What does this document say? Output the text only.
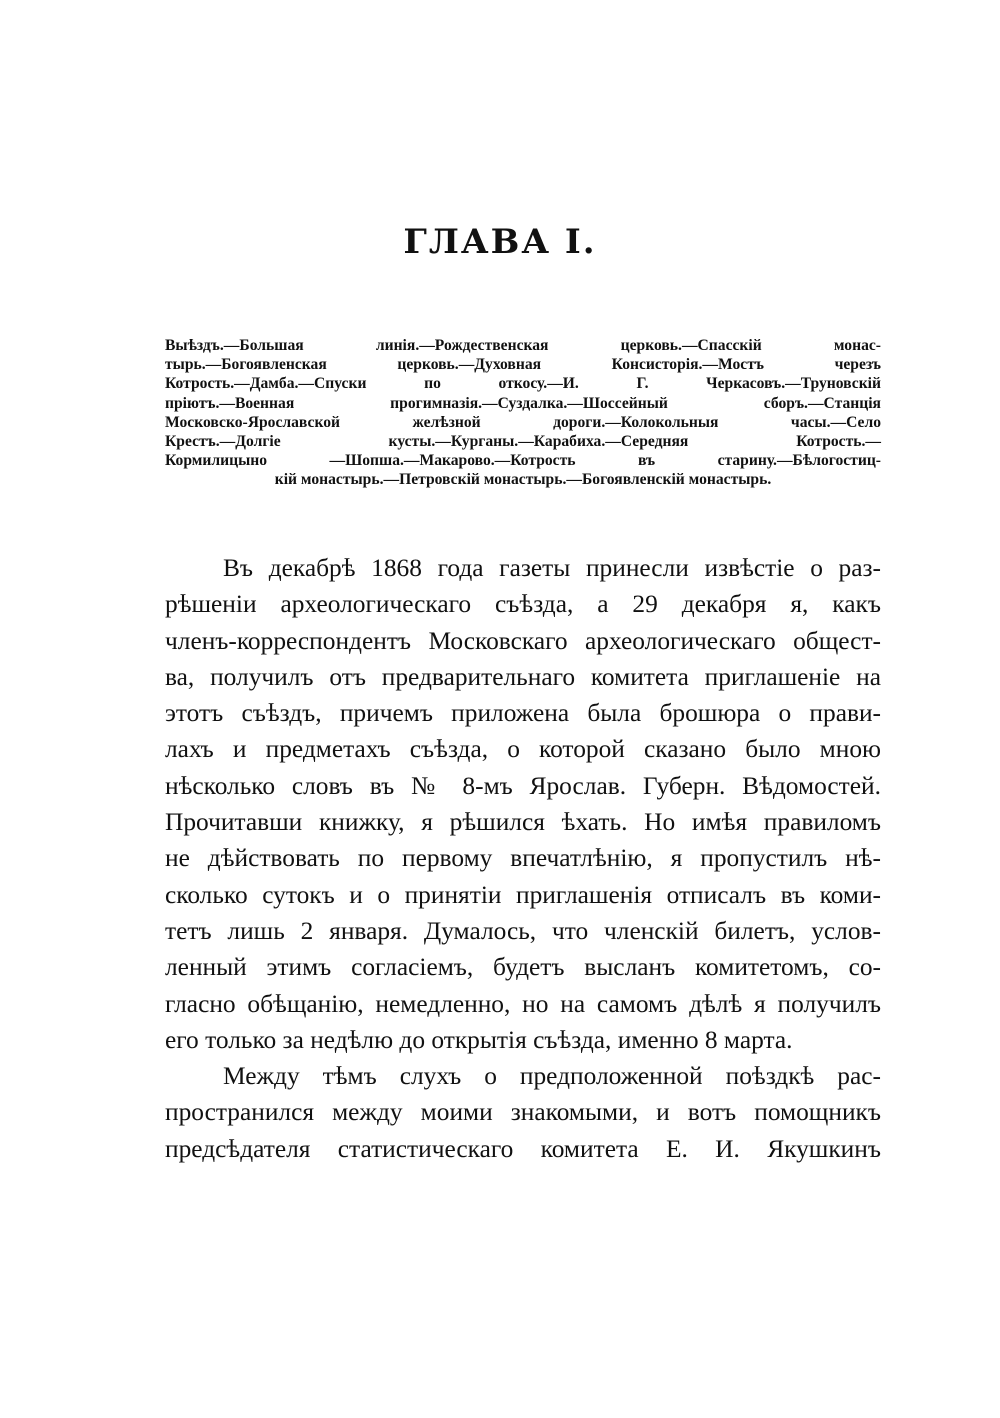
ГЛАВА I.
Выѣздъ.—Большая линія.—Рождественская церковь.—Спасскій монас-
тырь.—Богоявленская церковь.—Духовная Консисторія.—Мостъ черезъ
Котрость.—Дамба.—Спуски по откосу.—И. Г. Черкасовъ.—Труновскій
пріютъ.—Военная прогимназія.—Суздалка.—Шоссейный сборъ.—Станція
Московско-Ярославской желѣзной дороги.—Колокольныя часы.—Село
Крестъ.—Долгіе кусты.—Курганы.—Карабиха.—Середняя Котрость.—
Кормилицыно —Шопша.—Макарово.—Котрость въ старину.—Бѣлогостиц-
кій монастырь.—Петровскій монастырь.—Богоявленскій монастырь.
Въ декабрѣ 1868 года газеты принесли извѣстіе о раз-
рѣшеніи археологическаго съѣзда, а 29 декабря я, какъ
членъ-корреспондентъ Московскаго археологическаго общест-
ва, получилъ отъ предварительнаго комитета приглашеніе на
этотъ съѣздъ, причемъ приложена была брошюра о прави-
лахъ и предметахъ съѣзда, о которой сказано было мною
нѣсколько словъ въ № 8-мъ Ярослав. Губерн. Вѣдомостей.
Прочитавши книжку, я рѣшился ѣхать. Но имѣя правиломъ
не дѣйствовать по первому впечатлѣнію, я пропустилъ нѣ-
сколько сутокъ и о принятіи приглашенія отписалъ въ коми-
тетъ лишь 2 января. Думалось, что членскій билетъ, услов-
ленный этимъ согласіемъ, будетъ высланъ комитетомъ, со-
гласно обѣщанію, немедленно, но на самомъ дѣлѣ я получилъ
его только за недѣлю до открытія съѣзда, именно 8 марта.
Между тѣмъ слухъ о предположенной поѣздкѣ рас-
пространился между моими знакомыми, и вотъ помощникъ
предсѣдателя статистическаго комитета Е. И. Якушкинъ
